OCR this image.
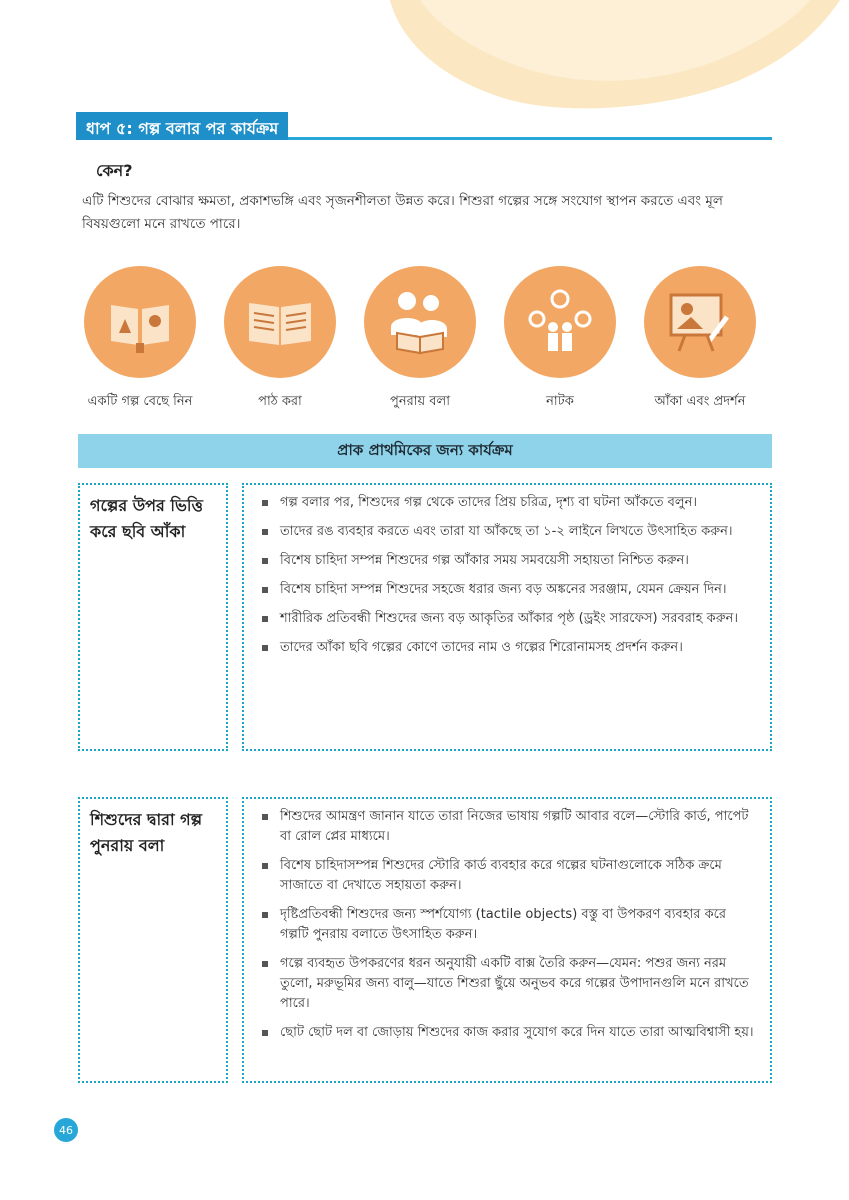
ধাপ ৫: গল্প বলার পর কার্যক্রম
কেন?
এটি শিশুদের বোঝার ক্ষমতা, প্রকাশভঙ্গি এবং সৃজনশীলতা উন্নত করে। শিশুরা গল্পের সঙ্গে সংযোগ স্থাপন করতে এবং মূল বিষয়গুলো মনে রাখতে পারে।
একটি গল্প বেছে নিন	পাঠ করা	পুনরায় বলা	নাটক	আঁকা এবং প্রদর্শন
প্রাক প্রাথমিকের জন্য কার্যক্রম
গল্পের উপর ভিত্তি করে ছবি আঁকা
গল্প বলার পর, শিশুদের গল্প থেকে তাদের প্রিয় চরিত্র, দৃশ্য বা ঘটনা আঁকতে বলুন।
তাদের রঙ ব্যবহার করতে এবং তারা যা আঁকছে তা ১-২ লাইনে লিখতে উৎসাহিত করুন।
বিশেষ চাহিদা সম্পন্ন শিশুদের গল্প আঁকার সময় সমবয়েসী সহায়তা নিশ্চিত করুন।
বিশেষ চাহিদা সম্পন্ন শিশুদের সহজে ধরার জন্য বড় অঙ্কনের সরঞ্জাম, যেমন ক্রেয়ন দিন।
শারীরিক প্রতিবন্ধী শিশুদের জন্য বড় আকৃতির আঁকার পৃষ্ঠ (ড্রইং সারফেস) সরবরাহ করুন।
তাদের আঁকা ছবি গল্পের কোণে তাদের নাম ও গল্পের শিরোনামসহ প্রদর্শন করুন।
শিশুদের দ্বারা গল্প পুনরায় বলা
শিশুদের আমন্ত্রণ জানান যাতে তারা নিজের ভাষায় গল্পটি আবার বলে—স্টোরি কার্ড, পাপেট বা রোল প্লের মাধ্যমে।
বিশেষ চাহিদাসম্পন্ন শিশুদের স্টোরি কার্ড ব্যবহার করে গল্পের ঘটনাগুলোকে সঠিক ক্রমে সাজাতে বা দেখাতে সহায়তা করুন।
দৃষ্টিপ্রতিবন্ধী শিশুদের জন্য স্পর্শযোগ্য (tactile objects) বস্তু বা উপকরণ ব্যবহার করে গল্পটি পুনরায় বলাতে উৎসাহিত করুন।
গল্পে ব্যবহৃত উপকরণের ধরন অনুযায়ী একটি বাক্স তৈরি করুন—যেমন: পশুর জন্য নরম তুলো, মরুভূমির জন্য বালু—যাতে শিশুরা ছুঁয়ে অনুভব করে গল্পের উপাদানগুলি মনে রাখতে পারে।
ছোট ছোট দল বা জোড়ায় শিশুদের কাজ করার সুযোগ করে দিন যাতে তারা আত্মবিশ্বাসী হয়।
46
